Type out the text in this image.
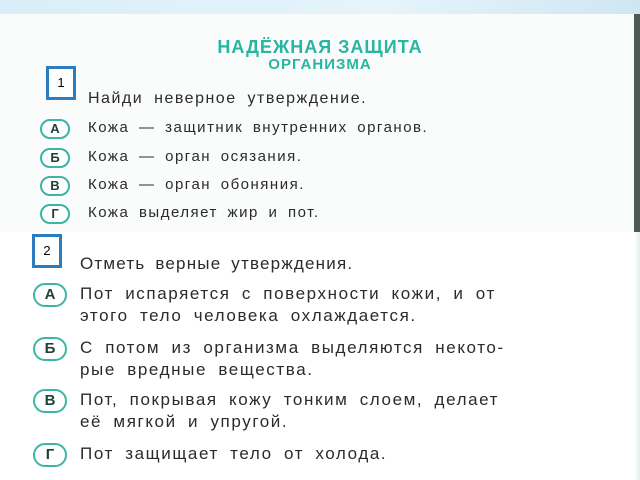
НАДЁЖНАЯ ЗАЩИТА
ОРГАНИЗМА
1
Найди неверное утверждение.
А	Кожа — защитник внутренних органов.
Б	Кожа — орган осязания.
В	Кожа — орган обоняния.
Г	Кожа выделяет жир и пот.
2
Отметь верные утверждения.
А	Пот испаряется с поверхности кожи, и от
этого тело человека охлаждается.
Б	С потом из организма выделяются некото-
рые вредные вещества.
В	Пот, покрывая кожу тонким слоем, делает
её мягкой и упругой.
Г	Пот защищает тело от холода.
